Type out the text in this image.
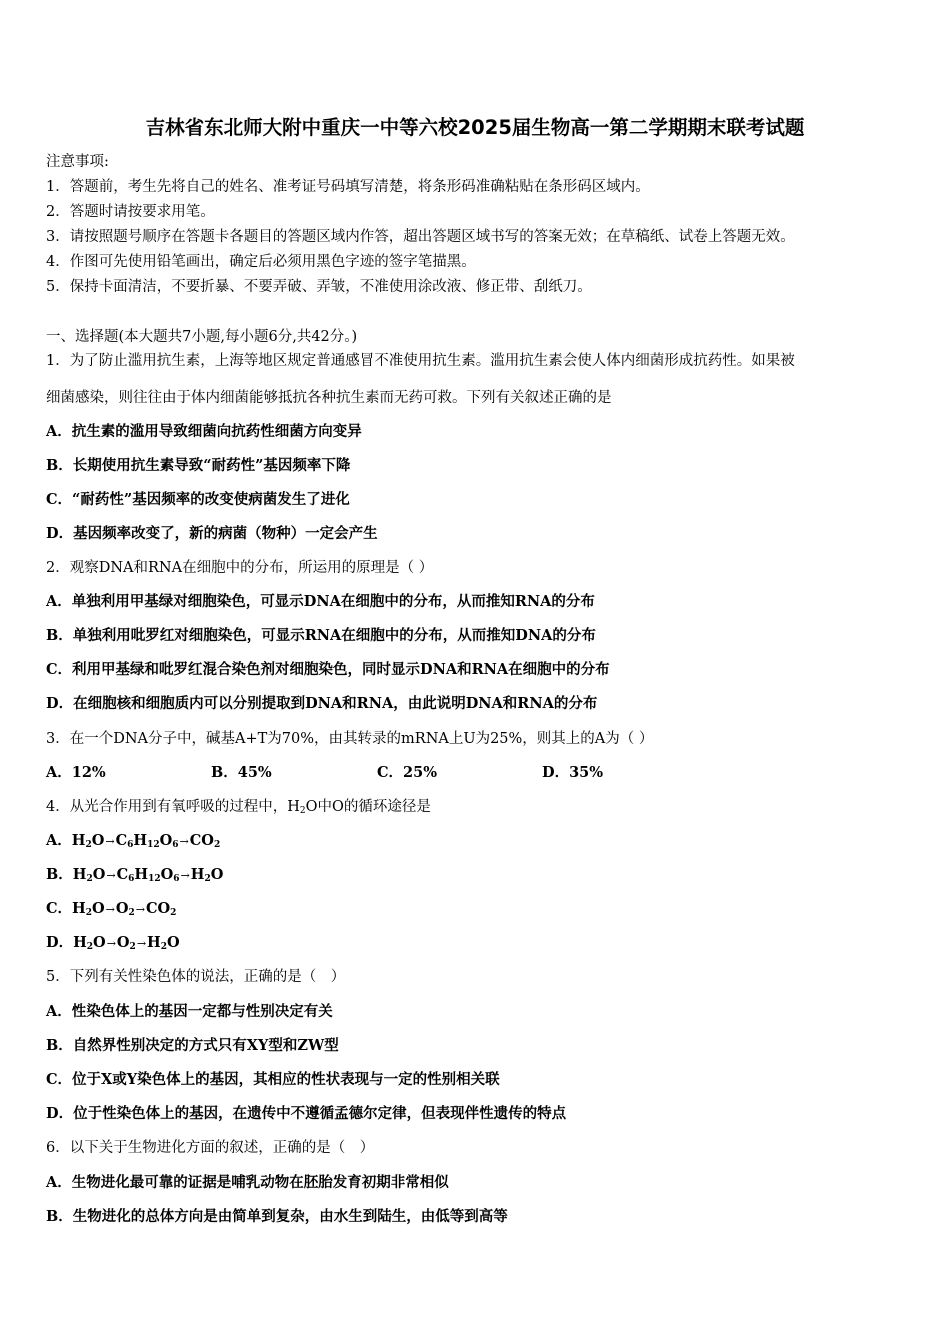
吉林省东北师大附中重庆一中等六校2025届生物高一第二学期期末联考试题
注意事项:
1．答题前，考生先将自己的姓名、准考证号码填写清楚，将条形码准确粘贴在条形码区域内。
2．答题时请按要求用笔。
3．请按照题号顺序在答题卡各题目的答题区域内作答，超出答题区域书写的答案无效；在草稿纸、试卷上答题无效。
4．作图可先使用铅笔画出，确定后必须用黑色字迹的签字笔描黑。
5．保持卡面清洁，不要折暴、不要弄破、弄皱，不准使用涂改液、修正带、刮纸刀。
一、选择题(本大题共7小题,每小题6分,共42分。)
1．为了防止滥用抗生素，上海等地区规定普通感冒不准使用抗生素。滥用抗生素会使人体内细菌形成抗药性。如果被
细菌感染，则往往由于体内细菌能够抵抗各种抗生素而无药可救。下列有关叙述正确的是
A．抗生素的滥用导致细菌向抗药性细菌方向变异
B．长期使用抗生素导致“耐药性”基因频率下降
C．“耐药性”基因频率的改变使病菌发生了进化
D．基因频率改变了，新的病菌（物种）一定会产生
2．观察DNA和RNA在细胞中的分布，所运用的原理是（ ）
A．单独利用甲基绿对细胞染色，可显示DNA在细胞中的分布，从而推知RNA的分布
B．单独利用吡罗红对细胞染色，可显示RNA在细胞中的分布，从而推知DNA的分布
C．利用甲基绿和吡罗红混合染色剂对细胞染色，同时显示DNA和RNA在细胞中的分布
D．在细胞核和细胞质内可以分别提取到DNA和RNA，由此说明DNA和RNA的分布
3．在一个DNA分子中，碱基A+T为70%，由其转录的mRNA上U为25%，则其上的A为（ ）
A．12%	B．45%	C．25%	D．35%
4．从光合作用到有氧呼吸的过程中，$H_2O$中O的循环途径是
A．$H_2O\to C_6H_{12}O_6\to CO_2$
B．$H_2O\to C_6H_{12}O_6\to H_2O$
C．$H_2O\to O_2\to CO_2$
D．$H_2O\to O_2\to H_2O$
5．下列有关性染色体的说法，正确的是（　）
A．性染色体上的基因一定都与性别决定有关
B．自然界性别决定的方式只有XY型和ZW型
C．位于X或Y染色体上的基因，其相应的性状表现与一定的性别相关联
D．位于性染色体上的基因，在遗传中不遵循孟德尔定律，但表现伴性遗传的特点
6．以下关于生物进化方面的叙述，正确的是（　）
A．生物进化最可靠的证据是哺乳动物在胚胎发育初期非常相似
B．生物进化的总体方向是由简单到复杂，由水生到陆生，由低等到高等
